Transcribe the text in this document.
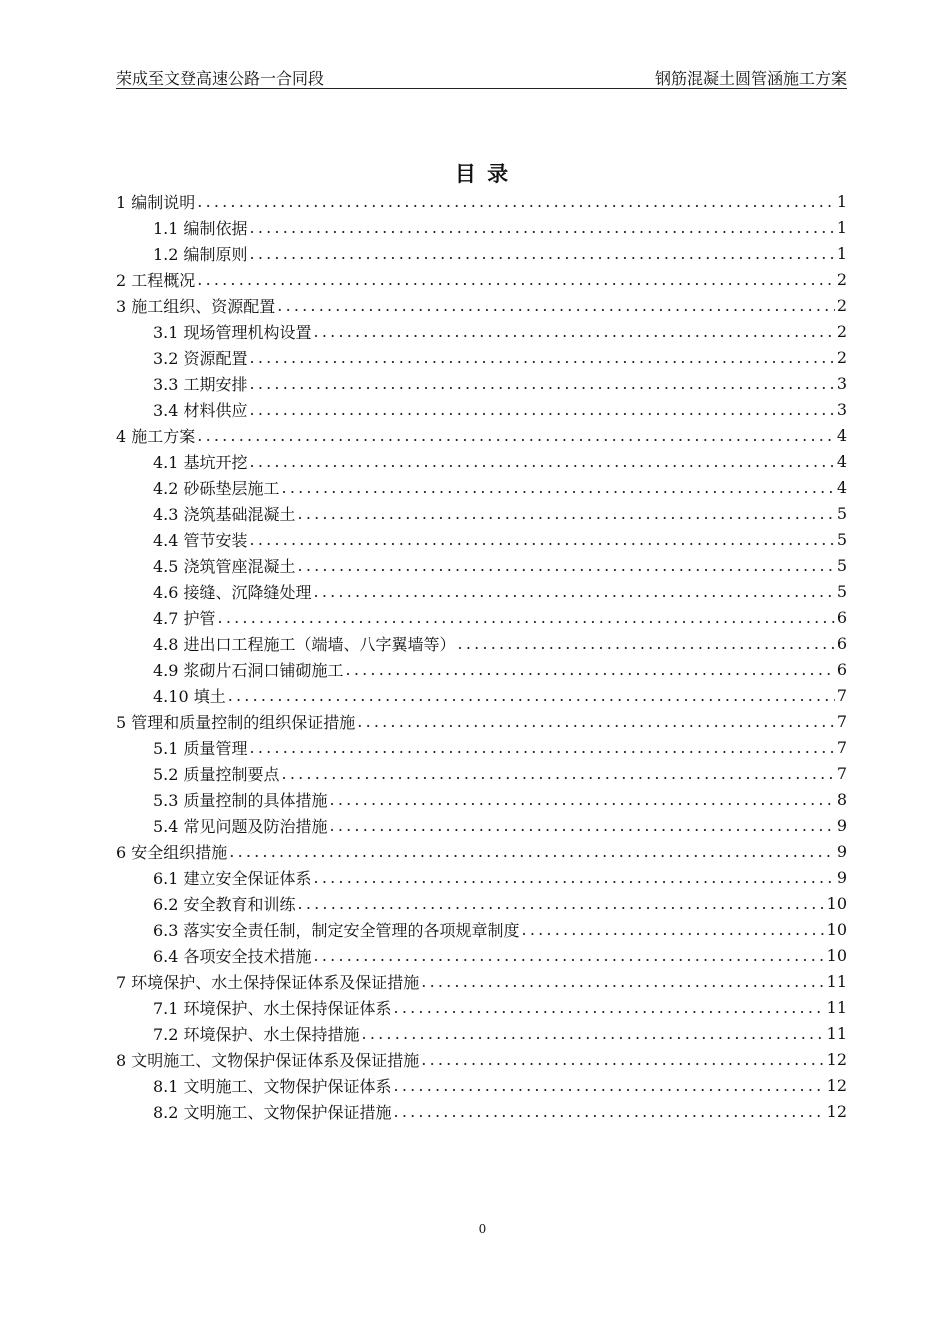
荣成至文登高速公路一合同段	钢筋混凝土圆管涵施工方案
目 录
1 编制说明 .....	1
1.1 编制依据 .....	1
1.2 编制原则 .....	1
2 工程概况 .....	2
3 施工组织、资源配置 .....	2
3.1 现场管理机构设置 .....	2
3.2 资源配置 .....	2
3.3 工期安排 .....	3
3.4 材料供应 .....	3
4 施工方案 .....	4
4.1 基坑开挖 .....	4
4.2 砂砾垫层施工 .....	4
4.3 浇筑基础混凝土 .....	5
4.4 管节安装 .....	5
4.5 浇筑管座混凝土 .....	5
4.6 接缝、沉降缝处理 .....	5
4.7 护管 .....	6
4.8 进出口工程施工（端墙、八字翼墙等） .....	6
4.9 浆砌片石洞口铺砌施工 .....	6
4.10 填土 .....	7
5 管理和质量控制的组织保证措施 .....	7
5.1 质量管理 .....	7
5.2 质量控制要点 .....	7
5.3 质量控制的具体措施 .....	8
5.4 常见问题及防治措施 .....	9
6 安全组织措施 .....	9
6.1 建立安全保证体系 .....	9
6.2 安全教育和训练 .....	10
6.3 落实安全责任制，制定安全管理的各项规章制度 .....	10
6.4 各项安全技术措施 .....	10
7 环境保护、水土保持保证体系及保证措施 .....	11
7.1 环境保护、水土保持保证体系 .....	11
7.2 环境保护、水土保持措施 .....	11
8 文明施工、文物保护保证体系及保证措施 .....	12
8.1 文明施工、文物保护保证体系 .....	12
8.2 文明施工、文物保护保证措施 .....	12
0
